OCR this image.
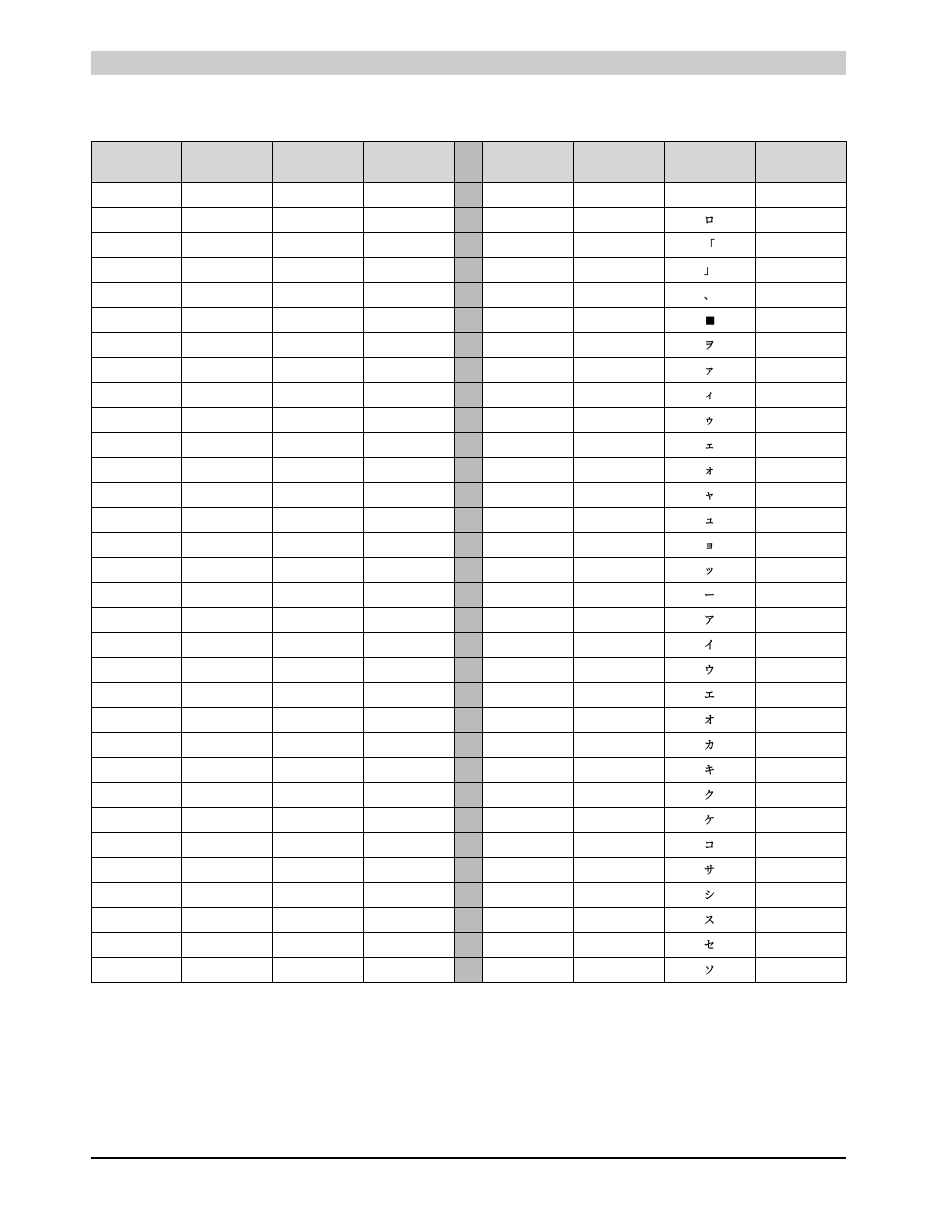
							ロ	
							「	
							」	
							、	
							■	
							ヲ	
							ァ	
							ィ	
							ゥ	
							ェ	
							ォ	
							ャ	
							ュ	
							ョ	
							ッ	
							ー	
							ア	
							イ	
							ウ	
							エ	
							オ	
							カ	
							キ	
							ク	
							ケ	
							コ	
							サ	
							シ	
							ス	
							セ	
							ソ	
